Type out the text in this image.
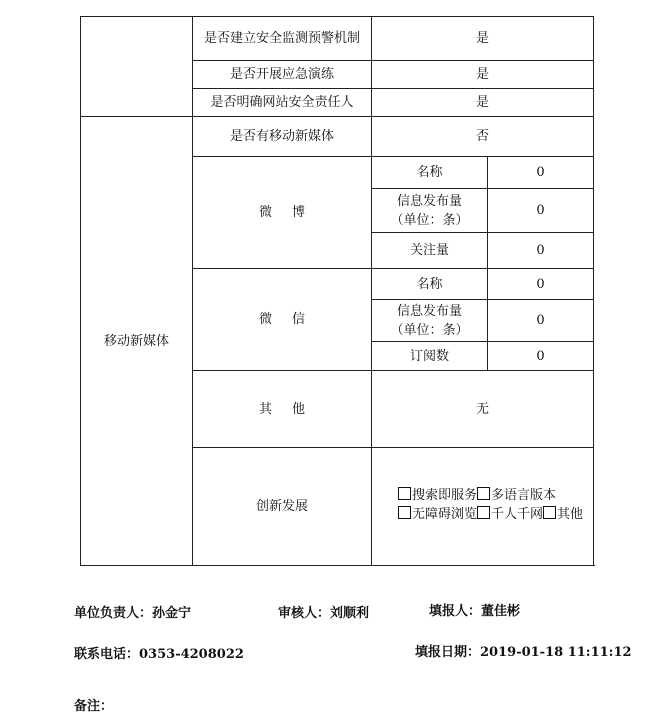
	是否建立安全监测预警机制	是	
	是否开展应急演练	是	
	是否明确网站安全责任人	是	
移动新媒体	是否有移动新媒体	否	
	微 博	名称	0

		信息发布量
（单位：条）	0
		关注量	0
	微 信	名称	0

		信息发布量
（单位：条）	0
		订阅数	0
	其 他	无	
	创新发展	搜索即服务 多语言版本无障碍浏览 千人千网 其他	
单位负责人：孙金宁	审核人：刘顺利	填报人：董佳彬
联系电话：0353-4208022	填报日期：2019-01-18 11:11:12
备注：
